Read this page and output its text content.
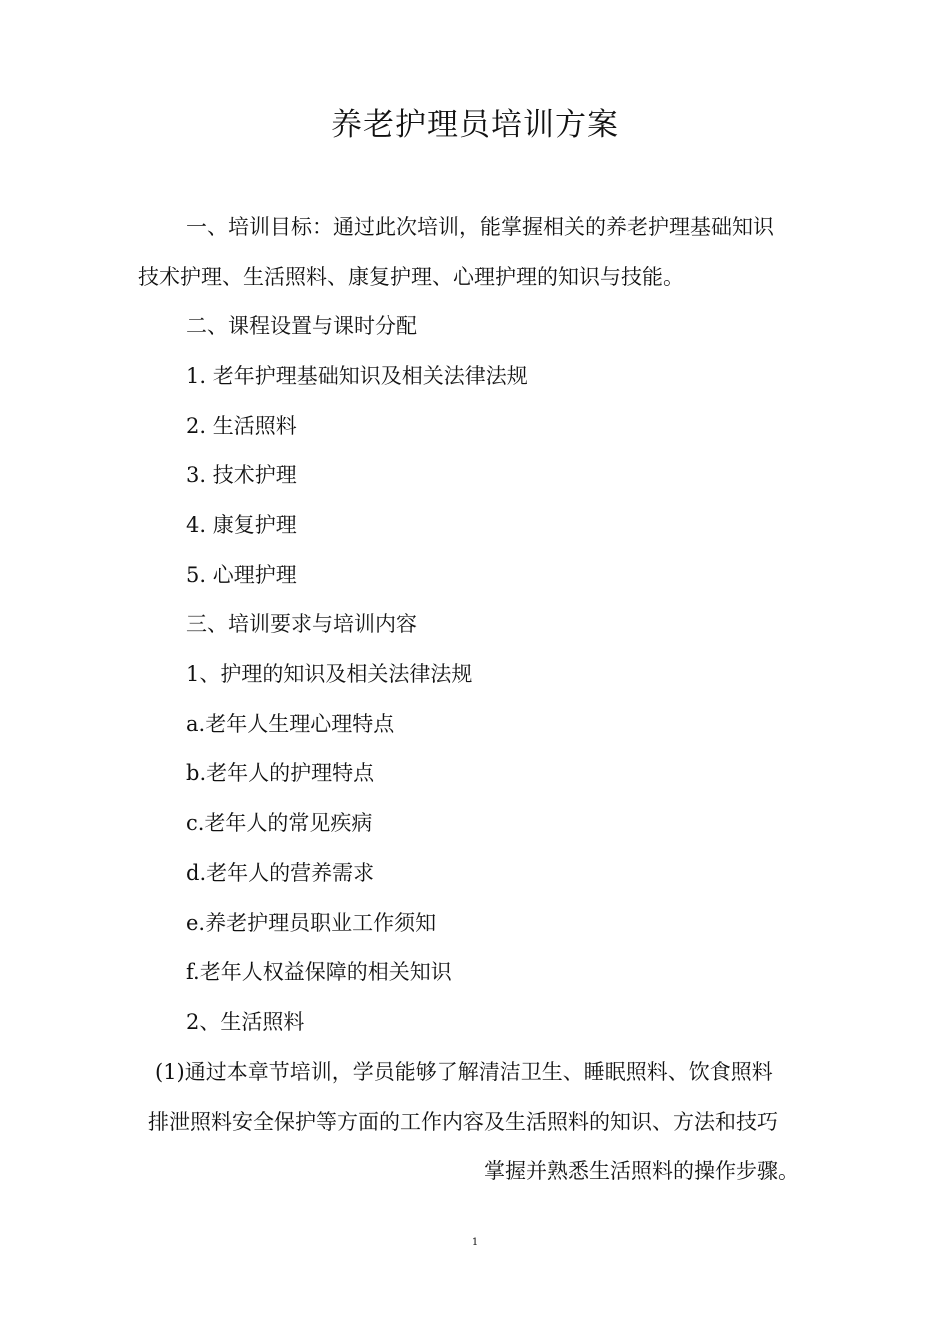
养老护理员培训方案
一、培训目标：通过此次培训，能掌握相关的养老护理基础知识
技术护理、生活照料、康复护理、心理护理的知识与技能。
二、课程设置与课时分配
1. 老年护理基础知识及相关法律法规
2. 生活照料
3. 技术护理
4. 康复护理
5. 心理护理
三、培训要求与培训内容
1、护理的知识及相关法律法规
a.老年人生理心理特点
b.老年人的护理特点
c.老年人的常见疾病
d.老年人的营养需求
e.养老护理员职业工作须知
f.老年人权益保障的相关知识
2、生活照料
(1)通过本章节培训，学员能够了解清洁卫生、睡眠照料、饮食照料
排泄照料安全保护等方面的工作内容及生活照料的知识、方法和技巧
掌握并熟悉生活照料的操作步骤。
1
